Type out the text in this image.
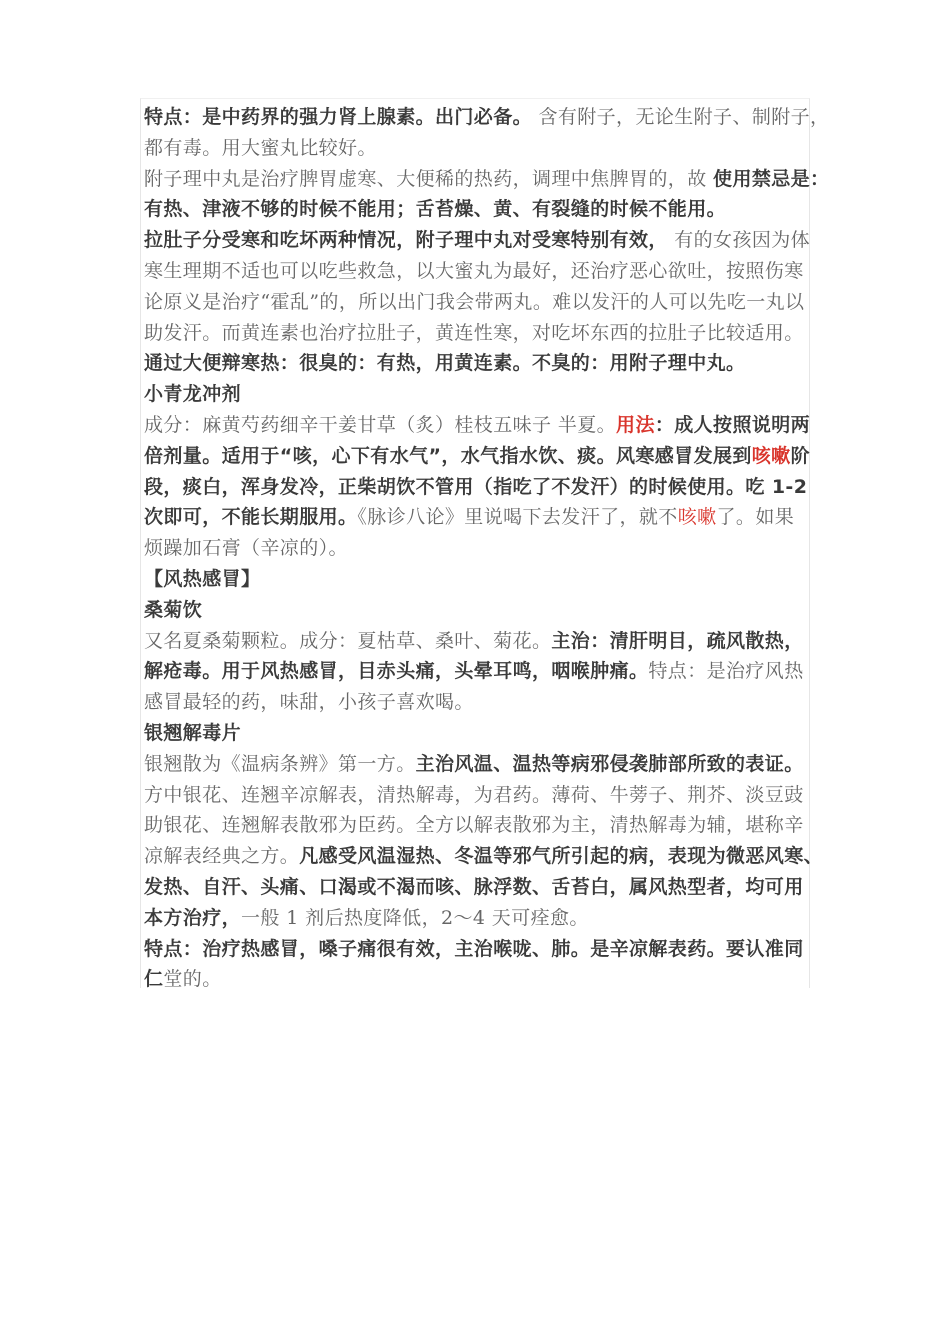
特点：是中药界的强力肾上腺素。出门必备。 含有附子，无论生附子、制附子，

都有毒。用大蜜丸比较好。

附子理中丸是治疗脾胃虚寒、大便稀的热药，调理中焦脾胃的，故 使用禁忌是：

有热、津液不够的时候不能用；舌苔燥、黄、有裂缝的时候不能用。

拉肚子分受寒和吃坏两种情况，附子理中丸对受寒特别有效， 有的女孩因为体

寒生理期不适也可以吃些救急，以大蜜丸为最好，还治疗恶心欲吐，按照伤寒

论原义是治疗“霍乱”的，所以出门我会带两丸。难以发汗的人可以先吃一丸以

助发汗。而黄连素也治疗拉肚子，黄连性寒，对吃坏东西的拉肚子比较适用。

通过大便辩寒热：很臭的：有热，用黄连素。不臭的：用附子理中丸。

小青龙冲剂

成分：麻黄芍药细辛干姜甘草（炙）桂枝五味子 半夏。用法：成人按照说明两

倍剂量。适用于“咳，心下有水气”，水气指水饮、痰。风寒感冒发展到咳嗽阶

段，痰白，浑身发冷，正柴胡饮不管用（指吃了不发汗）的时候使用。吃 1-2

次即可，不能长期服用。《脉诊八论》里说喝下去发汗了，就不咳嗽了。如果

烦躁加石膏（辛凉的）。

【风热感冒】

桑菊饮

又名夏桑菊颗粒。成分：夏枯草、桑叶、菊花。主治：清肝明目，疏风散热，

解疮毒。用于风热感冒，目赤头痛，头晕耳鸣，咽喉肿痛。特点：是治疗风热

感冒最轻的药，味甜，小孩子喜欢喝。

银翘解毒片

银翘散为《温病条辨》第一方。主治风温、温热等病邪侵袭肺部所致的表证。

方中银花、连翘辛凉解表，清热解毒，为君药。薄荷、牛蒡子、荆芥、淡豆豉

助银花、连翘解表散邪为臣药。全方以解表散邪为主，清热解毒为辅，堪称辛

凉解表经典之方。凡感受风温湿热、冬温等邪气所引起的病，表现为微恶风寒、

发热、自汗、头痛、口渴或不渴而咳、脉浮数、舌苔白，属风热型者，均可用

本方治疗，一般 1 剂后热度降低，2～4 天可痊愈。

特点：治疗热感冒，嗓子痛很有效，主治喉咙、肺。是辛凉解表药。要认准同

仁堂的。
